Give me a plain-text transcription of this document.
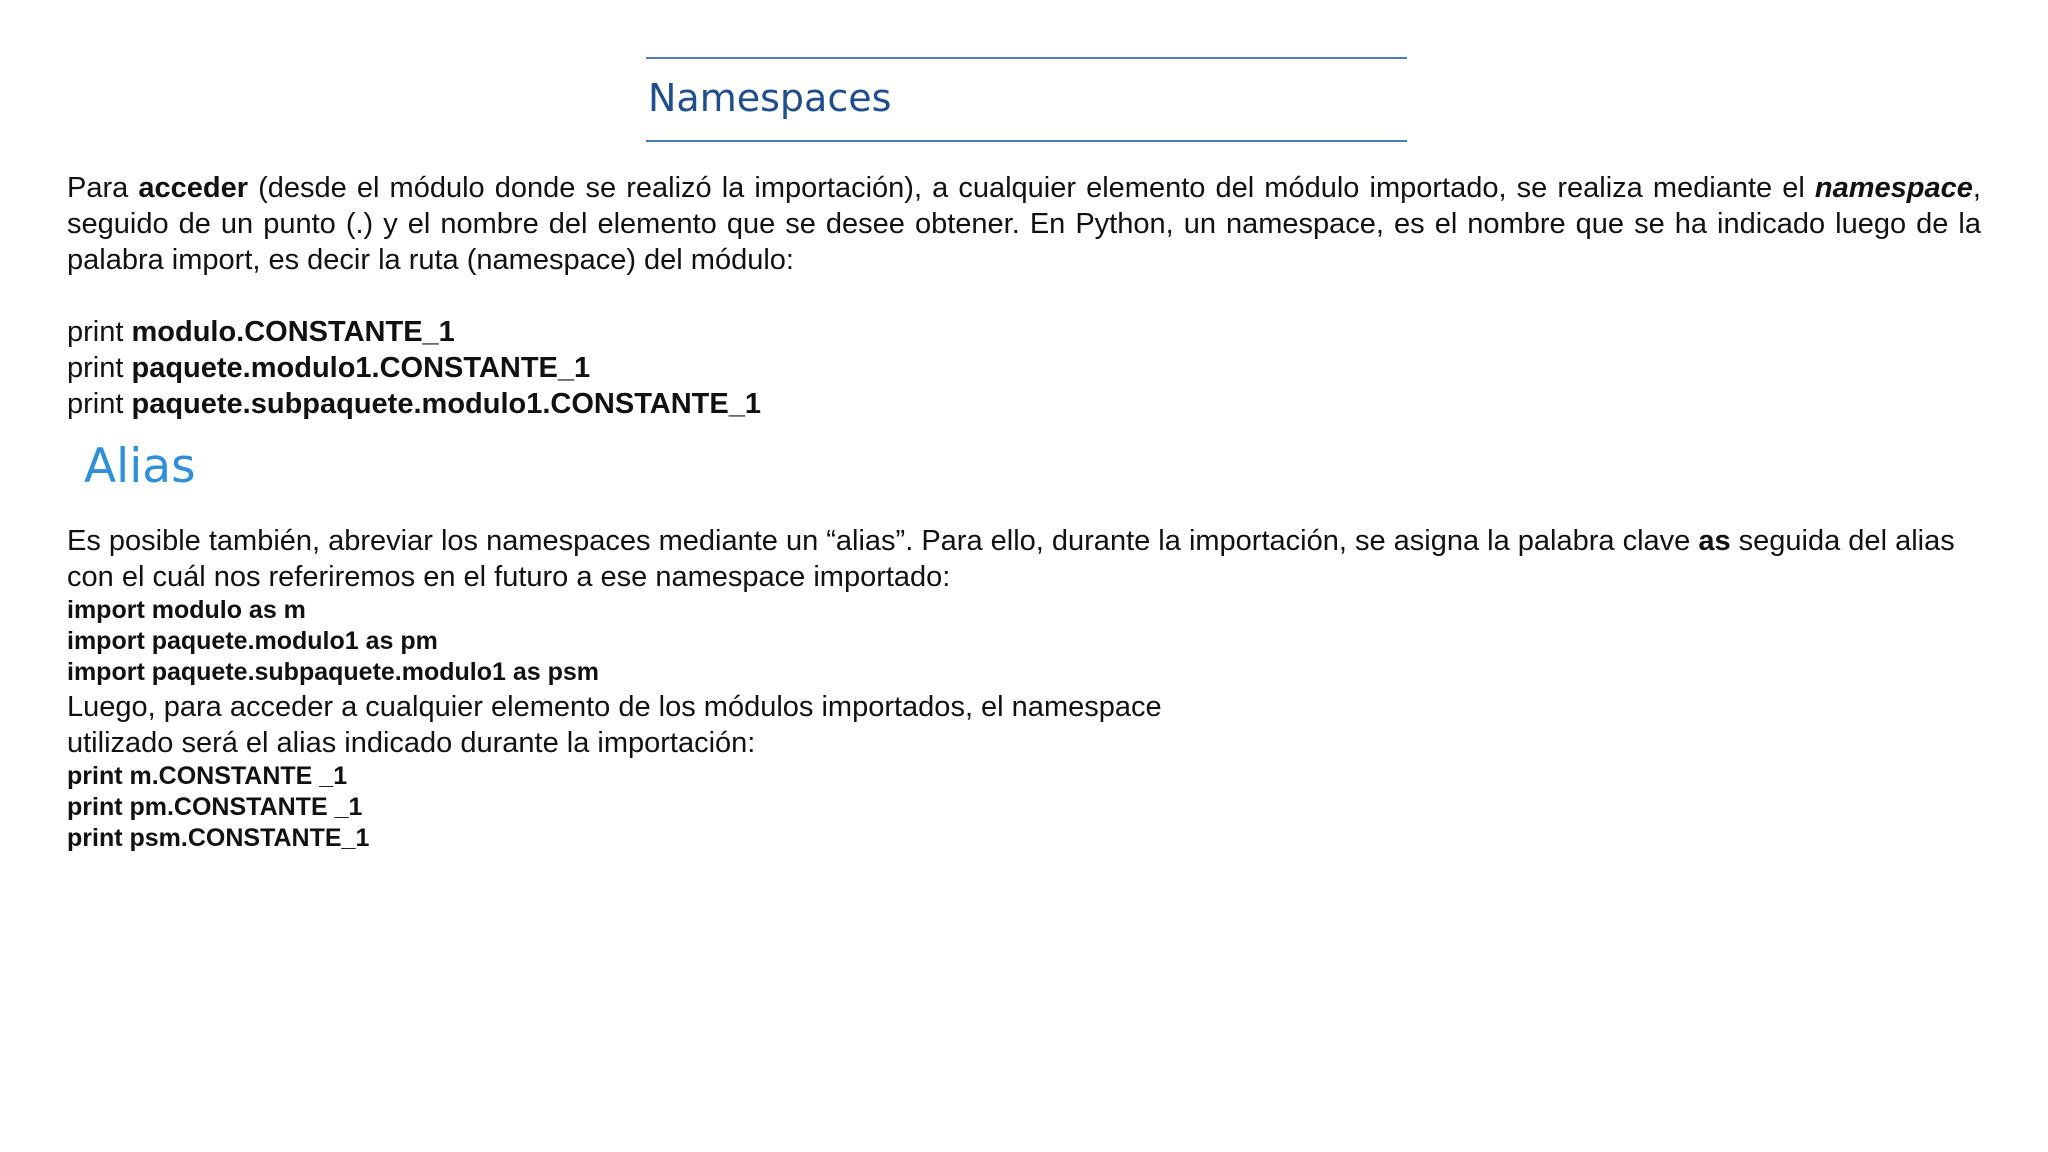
Namespaces

Para acceder (desde el módulo donde se realizó la importación), a cualquier elemento del módulo importado, se realiza mediante el namespace, seguido de un punto (.) y el nombre del elemento que se desee obtener. En Python, un namespace, es el nombre que se ha indicado luego de la palabra import, es decir la ruta (namespace) del módulo:

print modulo.CONSTANTE_1
print paquete.modulo1.CONSTANTE_1
print paquete.subpaquete.modulo1.CONSTANTE_1
Alias

Es posible también, abreviar los namespaces mediante un “alias”. Para ello, durante la importación, se asigna la palabra clave as seguida del alias con el cuál nos referiremos en el futuro a ese namespace importado:

import modulo as m
import paquete.modulo1 as pm
import paquete.subpaquete.modulo1 as psm
Luego, para acceder a cualquier elemento de los módulos importados, el namespace
utilizado será el alias indicado durante la importación:
print m.CONSTANTE _1
print pm.CONSTANTE _1
print psm.CONSTANTE_1
